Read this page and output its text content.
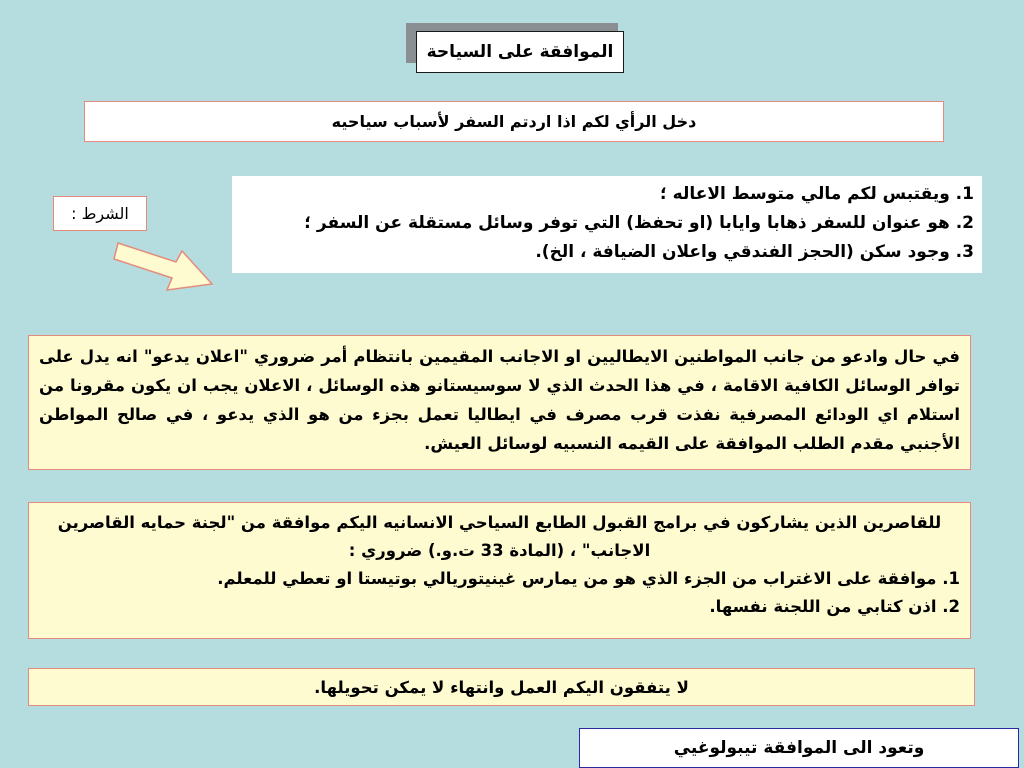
الموافقة على السياحة
دخل الرأي لكم اذا اردتم السفر لأسباب سياحيه
الشرط :
1. ويقتبس لكم مالي متوسط الاعاله ؛
2. هو عنوان للسفر ذهابا وايابا (او تحفظ) التي توفر وسائل مستقلة عن السفر ؛
3. وجود سكن (الحجز الفندقي واعلان الضيافة ، الخ).
في حال وادعو من جانب المواطنين الايطاليين او الاجانب المقيمين بانتظام أمر ضروري "اعلان يدعو" انه يدل على توافر الوسائل الكافية الاقامة ، في هذا الحدث الذي لا سوسيستانو هذه الوسائل ، الاعلان يجب ان يكون مقرونا من استلام اي الودائع المصرفية نفذت قرب مصرف في ايطاليا تعمل بجزء من هو الذي يدعو ، في صالح المواطن الأجنبي مقدم الطلب الموافقة على القيمه النسبيه لوسائل العيش.
للقاصرين الذين يشاركون في برامج القبول الطابع السياحي الانسانيه اليكم موافقة من "لجنة حمايه القاصرين
الاجانب" ، (المادة 33 ت.و.) ضروري :
1. موافقة على الاغتراب من الجزء الذي هو من يمارس غينيتوريالي بوتيستا او تعطي للمعلم.
2. اذن كتابي من اللجنة نفسها.
لا يتفقون اليكم العمل وانتهاء لا يمكن تحويلها.
وتعود الى الموافقة تيبولوغيي
